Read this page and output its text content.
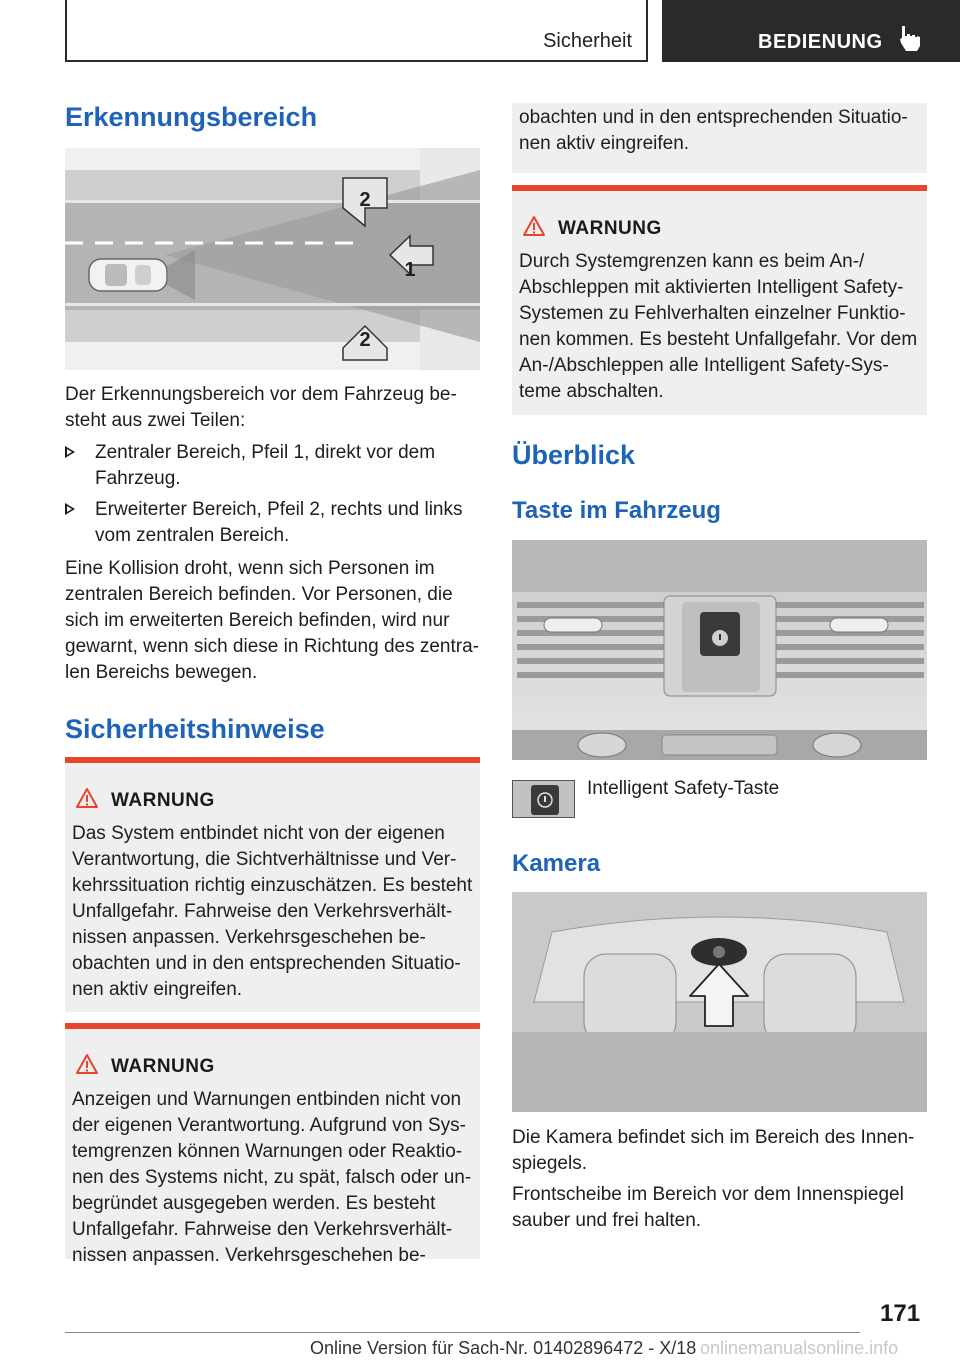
Sicherheit	BEDIENUNG
Erkennungsbereich
2
1
2

Der Erkennungsbereich vor dem Fahrzeug be-
steht aus zwei Teilen:

Zentraler Bereich, Pfeil 1, direkt vor dem
Fahrzeug.
Erweiterter Bereich, Pfeil 2, rechts und links
vom zentralen Bereich.

Eine Kollision droht, wenn sich Personen im
zentralen Bereich befinden. Vor Personen, die
sich im erweiterten Bereich befinden, wird nur
gewarnt, wenn sich diese in Richtung des zentra-
len Bereichs bewegen.

Sicherheitshinweise
WARNUNG

Das System entbindet nicht von der eigenen
Verantwortung, die Sichtverhältnisse und Ver-
kehrssituation richtig einzuschätzen. Es besteht
Unfallgefahr. Fahrweise den Verkehrsverhält-
nissen anpassen. Verkehrsgeschehen be-
obachten und in den entsprechenden Situatio-
nen aktiv eingreifen.

WARNUNG

Anzeigen und Warnungen entbinden nicht von
der eigenen Verantwortung. Aufgrund von Sys-
temgrenzen können Warnungen oder Reaktio-
nen des Systems nicht, zu spät, falsch oder un-
begründet ausgegeben werden. Es besteht
Unfallgefahr. Fahrweise den Verkehrsverhält-
nissen anpassen. Verkehrsgeschehen be-

obachten und in den entsprechenden Situatio-
nen aktiv eingreifen.

WARNUNG

Durch Systemgrenzen kann es beim An-/
Abschleppen mit aktivierten Intelligent Safety-
Systemen zu Fehlverhalten einzelner Funktio-
nen kommen. Es besteht Unfallgefahr. Vor dem
An-/Abschleppen alle Intelligent Safety-Sys-
teme abschalten.

Überblick
Taste im Fahrzeug
Intelligent Safety-Taste
Kamera

Die Kamera befindet sich im Bereich des Innen-
spiegels.

Frontscheibe im Bereich vor dem Innenspiegel
sauber und frei halten.

171
Online Version für Sach-Nr. 01402896472 - X/18 onlinemanualsonline.info
